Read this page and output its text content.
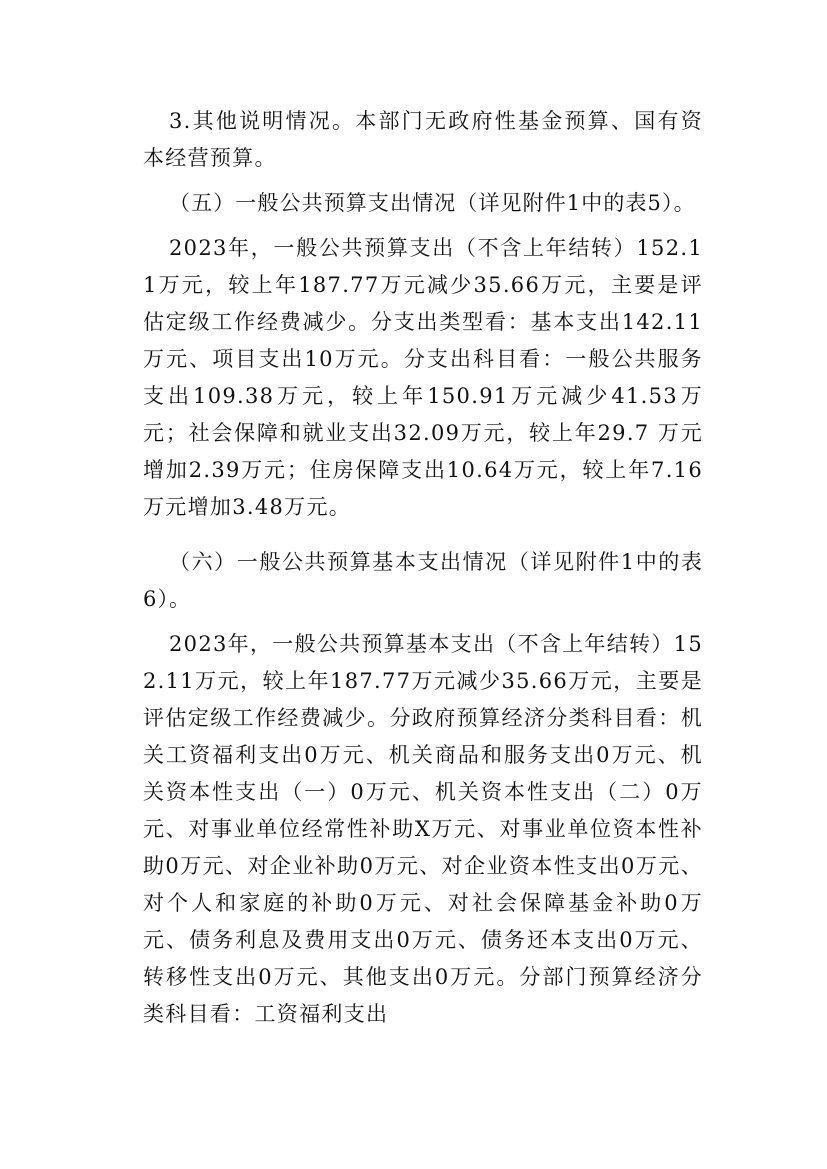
3.其他说明情况。本部门无政府性基金预算、国有资本经营预算。

（五）一般公共预算支出情况（详见附件1中的表5）。

2023年，一般公共预算支出（不含上年结转）152.11万元，较上年187.77万元减少35.66万元，主要是评估定级工作经费减少。分支出类型看：基本支出142.11万元、项目支出10万元。分支出科目看：一般公共服务支出109.38万元，较上年150.91万元减少41.53万元；社会保障和就业支出32.09万元，较上年29.7 万元增加2.39万元；住房保障支出10.64万元，较上年7.16万元增加3.48万元。

（六）一般公共预算基本支出情况（详见附件1中的表6）。

2023年，一般公共预算基本支出（不含上年结转）152.11万元，较上年187.77万元减少35.66万元，主要是评估定级工作经费减少。分政府预算经济分类科目看：机关工资福利支出0万元、机关商品和服务支出0万元、机关资本性支出（一）0万元、机关资本性支出（二）0万元、对事业单位经常性补助X万元、对事业单位资本性补助0万元、对企业补助0万元、对企业资本性支出0万元、对个人和家庭的补助0万元、对社会保障基金补助0万元、债务利息及费用支出0万元、债务还本支出0万元、转移性支出0万元、其他支出0万元。分部门预算经济分类科目看：工资福利支出
